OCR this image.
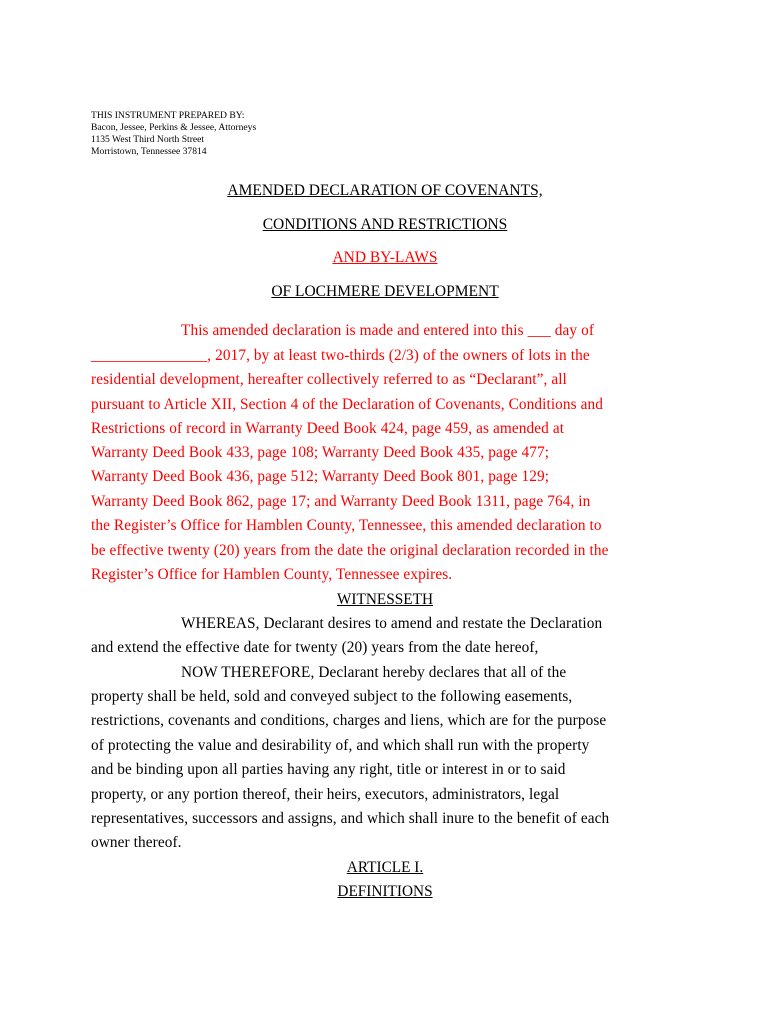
THIS INSTRUMENT PREPARED BY:
Bacon, Jessee, Perkins & Jessee, Attorneys
1135 West Third North Street
Morristown, Tennessee 37814
AMENDED DECLARATION OF COVENANTS,
CONDITIONS AND RESTRICTIONS
AND BY-LAWS
OF LOCHMERE DEVELOPMENT
This amended declaration is made and entered into this ___ day of
_______________, 2017, by at least two-thirds (2/3) of the owners of lots in the
residential development, hereafter collectively referred to as “Declarant”, all
pursuant to Article XII, Section 4 of the Declaration of Covenants, Conditions and
Restrictions of record in Warranty Deed Book 424, page 459, as amended at
Warranty Deed Book 433, page 108; Warranty Deed Book 435, page 477;
Warranty Deed Book 436, page 512; Warranty Deed Book 801, page 129;
Warranty Deed Book 862, page 17; and Warranty Deed Book 1311, page 764, in
the Register’s Office for Hamblen County, Tennessee, this amended declaration to
be effective twenty (20) years from the date the original declaration recorded in the
Register’s Office for Hamblen County, Tennessee expires.
WITNESSETH
WHEREAS, Declarant desires to amend and restate the Declaration
and extend the effective date for twenty (20) years from the date hereof,
NOW THEREFORE, Declarant hereby declares that all of the
property shall be held, sold and conveyed subject to the following easements,
restrictions, covenants and conditions, charges and liens, which are for the purpose
of protecting the value and desirability of, and which shall run with the property
and be binding upon all parties having any right, title or interest in or to said
property, or any portion thereof, their heirs, executors, administrators, legal
representatives, successors and assigns, and which shall inure to the benefit of each
owner thereof.
ARTICLE I.
DEFINITIONS
